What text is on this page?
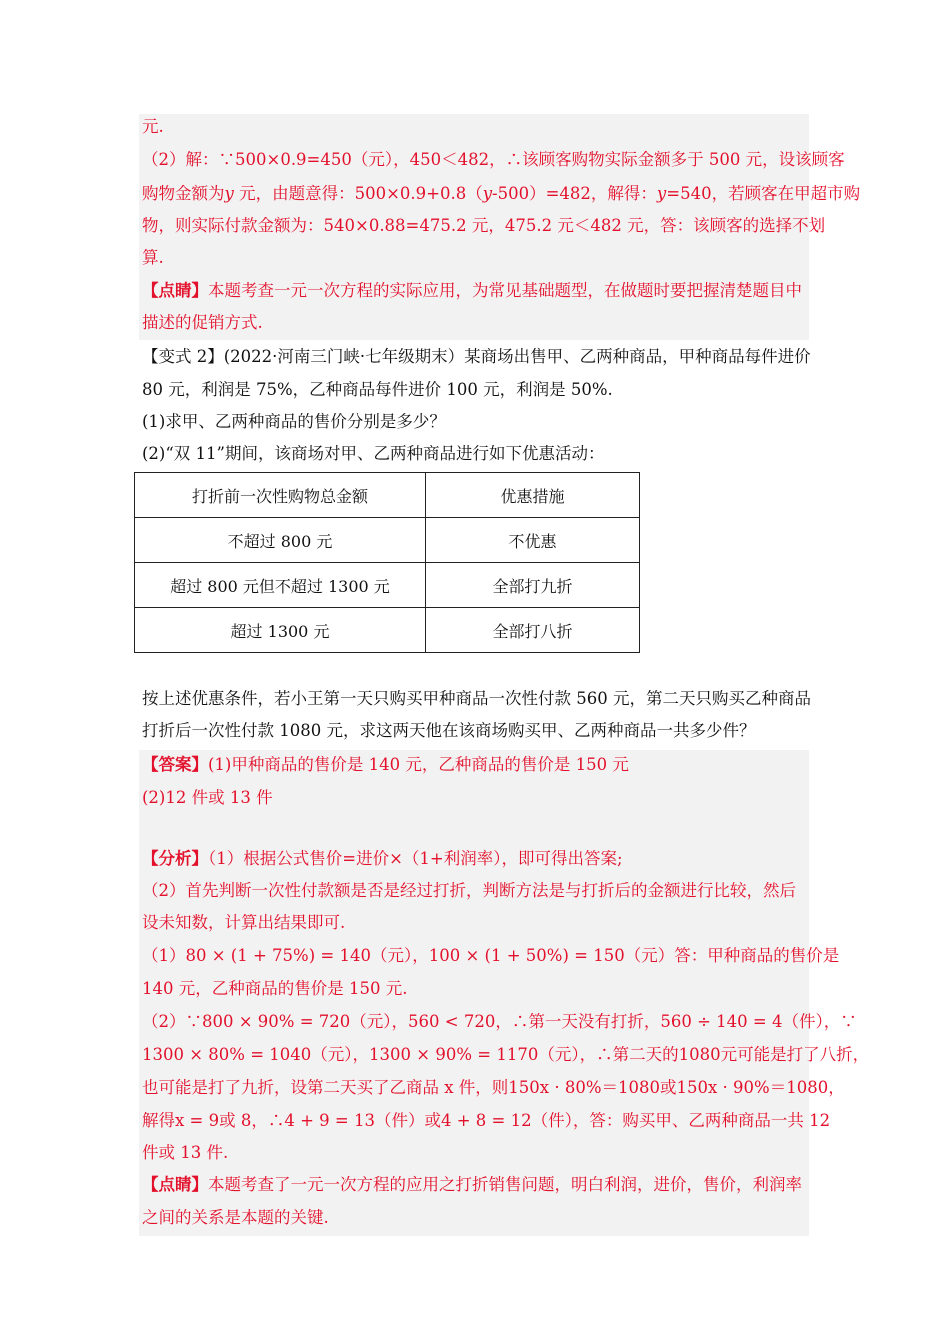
元.
（2）解：∵500×0.9=450（元），450＜482，∴该顾客购物实际金额多于 500 元，设该顾客
购物金额为y 元，由题意得：500×0.9+0.8（y-500）=482，解得：y=540，若顾客在甲超市购
物，则实际付款金额为：540×0.88=475.2 元，475.2 元＜482 元，答：该顾客的选择不划
算.
【点睛】本题考查一元一次方程的实际应用，为常见基础题型，在做题时要把握清楚题目中
描述的促销方式.
【变式 2】(2022·河南三门峡·七年级期末）某商场出售甲、乙两种商品，甲种商品每件进价
80 元，利润是 75%，乙种商品每件进价 100 元，利润是 50%.
(1)求甲、乙两种商品的售价分别是多少？
(2)“双 11”期间，该商场对甲、乙两种商品进行如下优惠活动：
打折前一次性购物总金额	优惠措施
不超过 800 元	不优惠
超过 800 元但不超过 1300 元	全部打九折
超过 1300 元	全部打八折
按上述优惠条件，若小王第一天只购买甲种商品一次性付款 560 元，第二天只购买乙种商品
打折后一次性付款 1080 元，求这两天他在该商场购买甲、乙两种商品一共多少件？
【答案】(1)甲种商品的售价是 140 元，乙种商品的售价是 150 元
(2)12 件或 13 件
【分析】（1）根据公式售价=进价×（1+利润率），即可得出答案;
（2）首先判断一次性付款额是否是经过打折，判断方法是与打折后的金额进行比较，然后
设未知数，计算出结果即可.
（1）80 × (1 + 75%) = 140（元），100 × (1 + 50%) = 150（元）答：甲种商品的售价是
140 元，乙种商品的售价是 150 元.
（2）∵800 × 90% = 720（元），560 < 720，∴第一天没有打折，560 ÷ 140 = 4（件），∵
1300 × 80% = 1040（元），1300 × 90% = 1170（元），∴第二天的1080元可能是打了八折，
也可能是打了九折，设第二天买了乙商品 x 件，则150x · 80%＝1080或150x · 90%＝1080，
解得x = 9或 8，∴4 + 9 = 13（件）或4 + 8 = 12（件），答：购买甲、乙两种商品一共 12
件或 13 件.
【点睛】本题考查了一元一次方程的应用之打折销售问题，明白利润，进价，售价，利润率
之间的关系是本题的关键.
